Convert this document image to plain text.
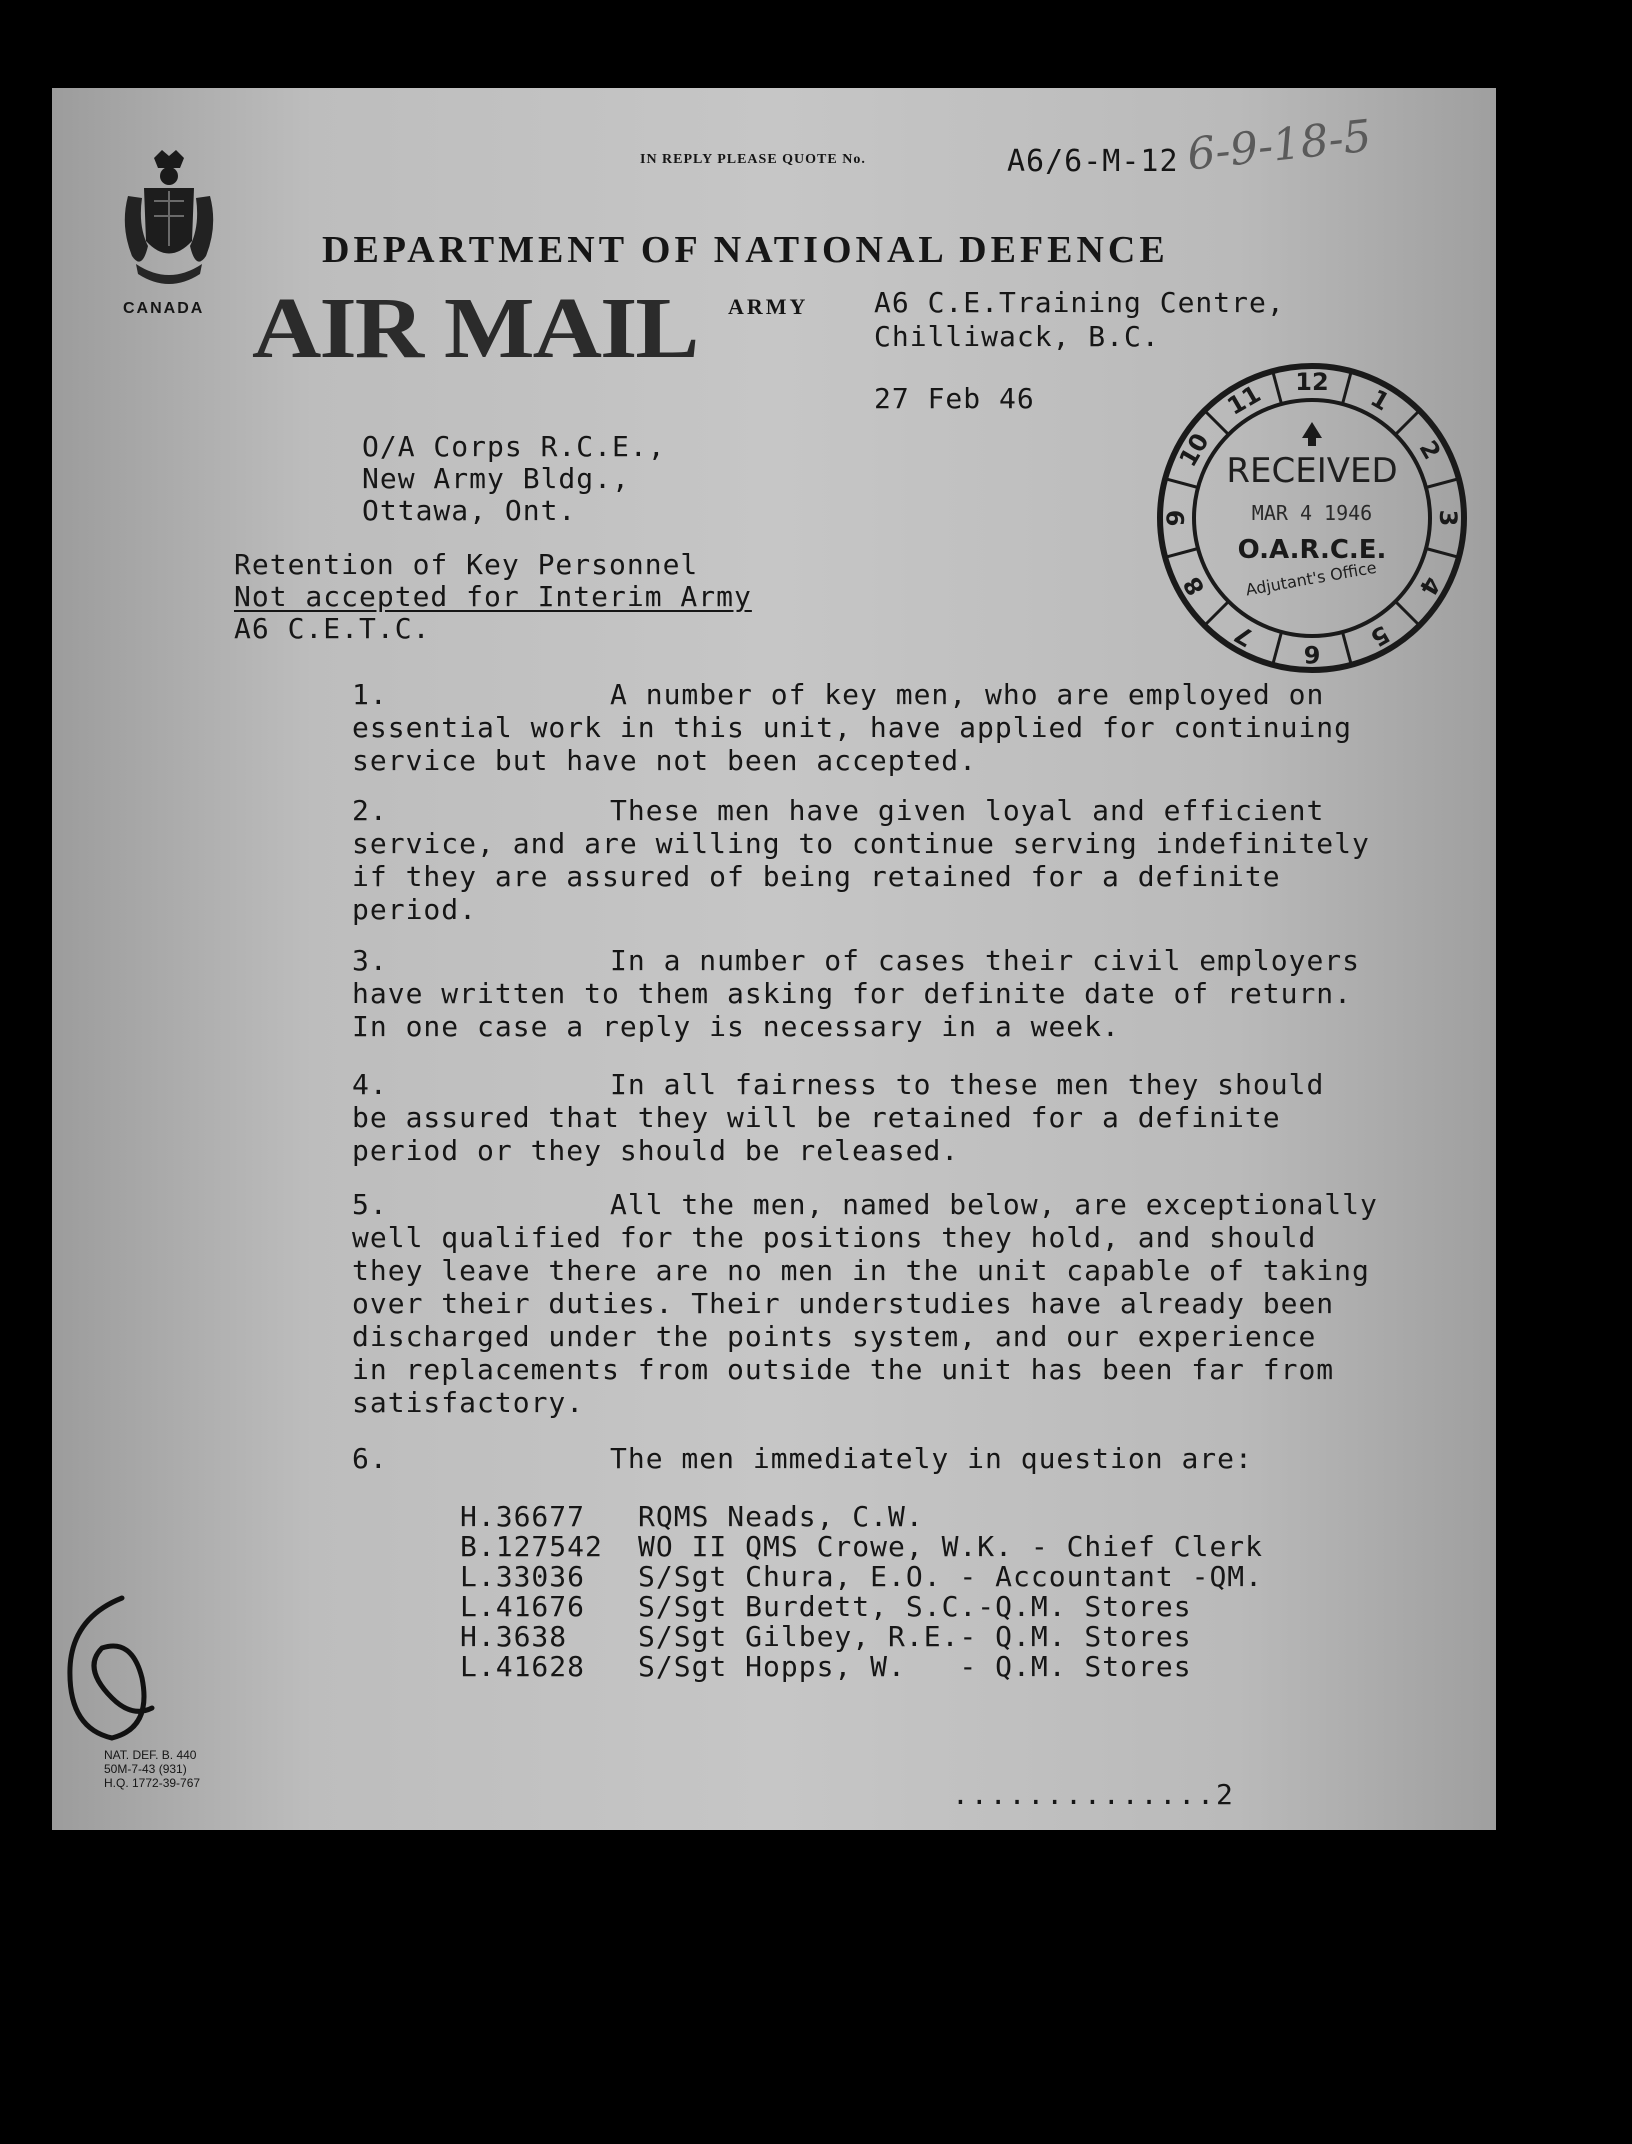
CANADA
IN REPLY PLEASE QUOTE No.	A6/6-M-12 6-9-18-5
DEPARTMENT OF NATIONAL DEFENCE
AIR MAIL ARMY A6 C.E.Training Centre,
Chilliwack, B.C.
27 Feb 46
O/A Corps R.C.E.,
New Army Bldg.,
Ottawa, Ont.
Retention of Key Personnel
Not accepted for Interim Army
A6 C.E.T.C.
10
11 12
1
2
3
4
5
6
7
8
9
RECEIVED
MAR 4 1946
O.A.R.C.E.
Adjutant's Office
1.	A number of key men, who are employed on
essential work in this unit, have applied for continuing
service but have not been accepted.
2.	These men have given loyal and efficient
service, and are willing to continue serving indefinitely
if they are assured of being retained for a definite
period.
3.	In a number of cases their civil employers
have written to them asking for definite date of return.
In one case a reply is necessary in a week.
4.	In all fairness to these men they should
be assured that they will be retained for a definite
period or they should be released.
5.	All the men, named below, are exceptionally
well qualified for the positions they hold, and should
they leave there are no men in the unit capable of taking
over their duties. Their understudies have already been
discharged under the points system, and our experience
in replacements from outside the unit has been far from
satisfactory.
6.	The men immediately in question are:
H.36677	RQMS Neads, C.W.
B.127542	WO II QMS Crowe, W.K. - Chief Clerk
L.33036	S/Sgt Chura, E.O. - Accountant -QM.
L.41676	S/Sgt Burdett, S.C.-Q.M. Stores
H.3638	S/Sgt Gilbey, R.E.- Q.M. Stores
L.41628	S/Sgt Hopps, W.   - Q.M. Stores
NAT. DEF. B. 440
50M-7-43 (931)
H.Q. 1772-39-767	..............2
